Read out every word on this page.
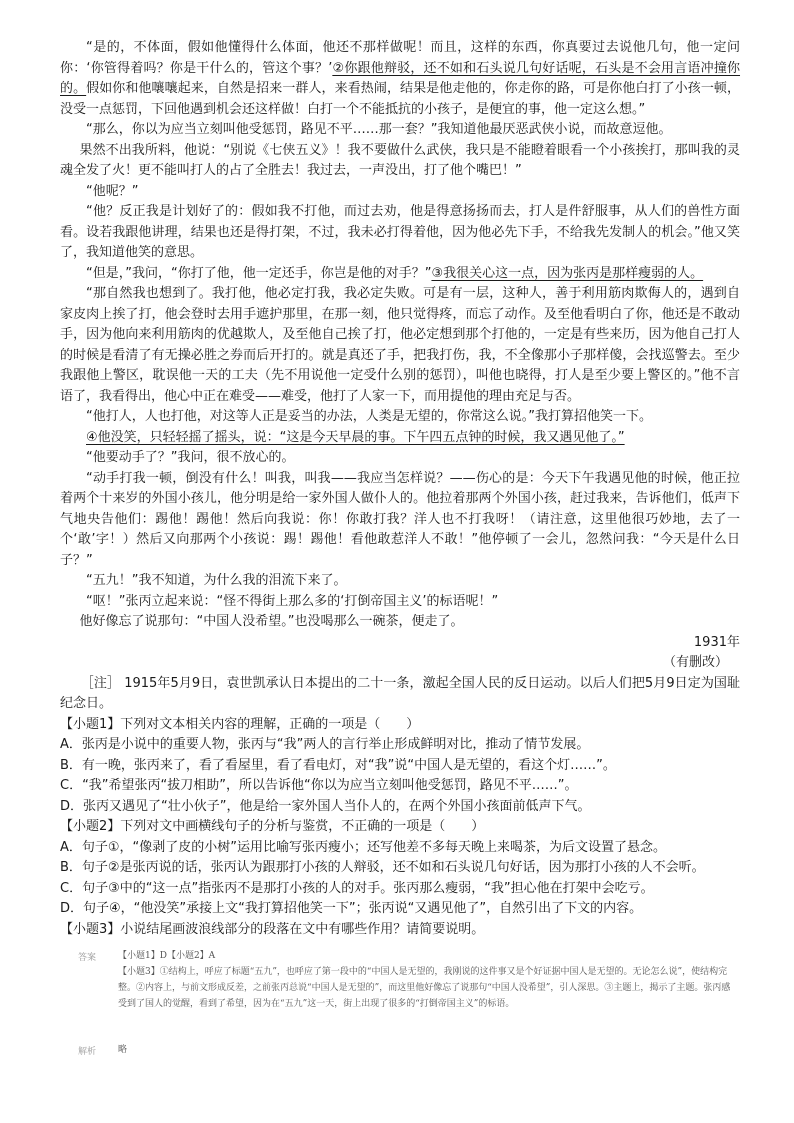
“是的，不体面，假如他懂得什么体面，他还不那样做呢！而且，这样的东西，你真要过去说他几句，他一定问你：‘你管得着吗？你是干什么的，管这个事？’②你跟他辩驳，还不如和石头说几句好话呢，石头是不会用言语冲撞你的。假如你和他嚷嚷起来，自然是招来一群人，来看热闹，结果是他走他的，你走你的路，可是你他白打了小孩一顿，没受一点惩罚，下回他遇到机会还这样做！白打一个不能抵抗的小孩子，是便宜的事，他一定这么想。”

“那么，你以为应当立刻叫他受惩罚，路见不平……那一套？”我知道他最厌恶武侠小说，而故意逗他。

果然不出我所料，他说：“别说《七侠五义》！我不要做什么武侠，我只是不能瞪着眼看一个小孩挨打，那叫我的灵魂全发了火！更不能叫打人的占了全胜去！我过去，一声没出，打了他个嘴巴！”

“他呢？”

“他？反正我是计划好了的：假如我不打他，而过去劝，他是得意扬扬而去，打人是件舒服事，从人们的兽性方面看。设若我跟他讲理，结果也还是得打架，不过，我未必打得着他，因为他必先下手，不给我先发制人的机会。”他又笑了，我知道他笑的意思。

“但是，”我问，“你打了他，他一定还手，你岂是他的对手？”③我很关心这一点，因为张丙是那样瘦弱的人。

“那自然我也想到了。我打他，他必定打我，我必定失败。可是有一层，这种人，善于利用筋肉欺侮人的，遇到自家皮肉上挨了打，他会登时去用手遮护那里，在那一刻，他只觉得疼，而忘了动作。及至他看明白了你，他还是不敢动手，因为他向来利用筋肉的优越欺人，及至他自己挨了打，他必定想到那个打他的，一定是有些来历，因为他自己打人的时候是看清了有无操必胜之券而后开打的。就是真还了手，把我打伤，我，不全像那小子那样傻，会找巡警去。至少我跟他上警区，耽误他一天的工夫（先不用说他一定受什么别的惩罚），叫他也晓得，打人是至少要上警区的。”他不言语了，我看得出，他心中正在难受——难受，他打了人家一下，而用提他的理由充足与否。

“他打人，人也打他，对这等人正是妥当的办法，人类是无望的，你常这么说。”我打算招他笑一下。

④他没笑，只轻轻摇了摇头，说：“这是今天早晨的事。下午四五点钟的时候，我又遇见他了。”

“他要动手了？”我问，很不放心的。

“动手打我一顿，倒没有什么！叫我，叫我——我应当怎样说？——伤心的是：今天下午我遇见他的时候，他正拉着两个十来岁的外国小孩儿，他分明是给一家外国人做仆人的。他拉着那两个外国小孩，赶过我来，告诉他们，低声下气地央告他们：踢他！踢他！然后向我说：你！你敢打我？洋人也不打我呀！（请注意，这里他很巧妙地，去了一个‘敢’字！）然后又向那两个小孩说：踢！踢他！看他敢惹洋人不敢！”他停顿了一会儿，忽然问我：“今天是什么日子？”

“五九！”我不知道，为什么我的泪流下来了。

“呕！”张丙立起来说：“怪不得街上那么多的‘打倒帝国主义’的标语呢！”

他好像忘了说那句：“中国人没希望。”也没喝那么一碗茶，便走了。

1931年

（有删改）

［注］ 1915年5月9日，袁世凯承认日本提出的二十一条，激起全国人民的反日运动。以后人们把5月9日定为国耻纪念日。

【小题1】下列对文本相关内容的理解，正确的一项是（　　）

A．张丙是小说中的重要人物，张丙与“我”两人的言行举止形成鲜明对比，推动了情节发展。

B．有一晚，张丙来了，看了看屋里，看了看电灯，对“我”说“中国人是无望的，看这个灯……”。

C．“我”希望张丙“拔刀相助”，所以告诉他“你以为应当立刻叫他受惩罚，路见不平……”。

D．张丙又遇见了“壮小伙子”，他是给一家外国人当仆人的，在两个外国小孩面前低声下气。

【小题2】下列对文中画横线句子的分析与鉴赏，不正确的一项是（　　）

A．句子①，“像剥了皮的小树”运用比喻写张丙瘦小；还写他差不多每天晚上来喝茶，为后文设置了悬念。

B．句子②是张丙说的话，张丙认为跟那打小孩的人辩驳，还不如和石头说几句好话，因为那打小孩的人不会听。

C．句子③中的“这一点”指张丙不是那打小孩的人的对手。张丙那么瘦弱，“我”担心他在打架中会吃亏。

D．句子④，“他没笑”承接上文“我打算招他笑一下”；张丙说“又遇见他了”，自然引出了下文的内容。

【小题3】小说结尾画波浪线部分的段落在文中有哪些作用？请简要说明。

答案 【小题1】D【小题2】A

【小题3】①结构上，呼应了标题“五九”，也呼应了第一段中的“中国人是无望的，我刚说的这件事又是个好证据中国人是无望的。无论怎么说”，使结构完整。②内容上，与前文形成反差，之前张丙总说“中国人是无望的”，而这里他好像忘了说那句“中国人没希望”，引人深思。③主题上，揭示了主题。张丙感受到了国人的觉醒，看到了希望，因为在“五九”这一天，街上出现了很多的“打倒帝国主义”的标语。

解析 略
